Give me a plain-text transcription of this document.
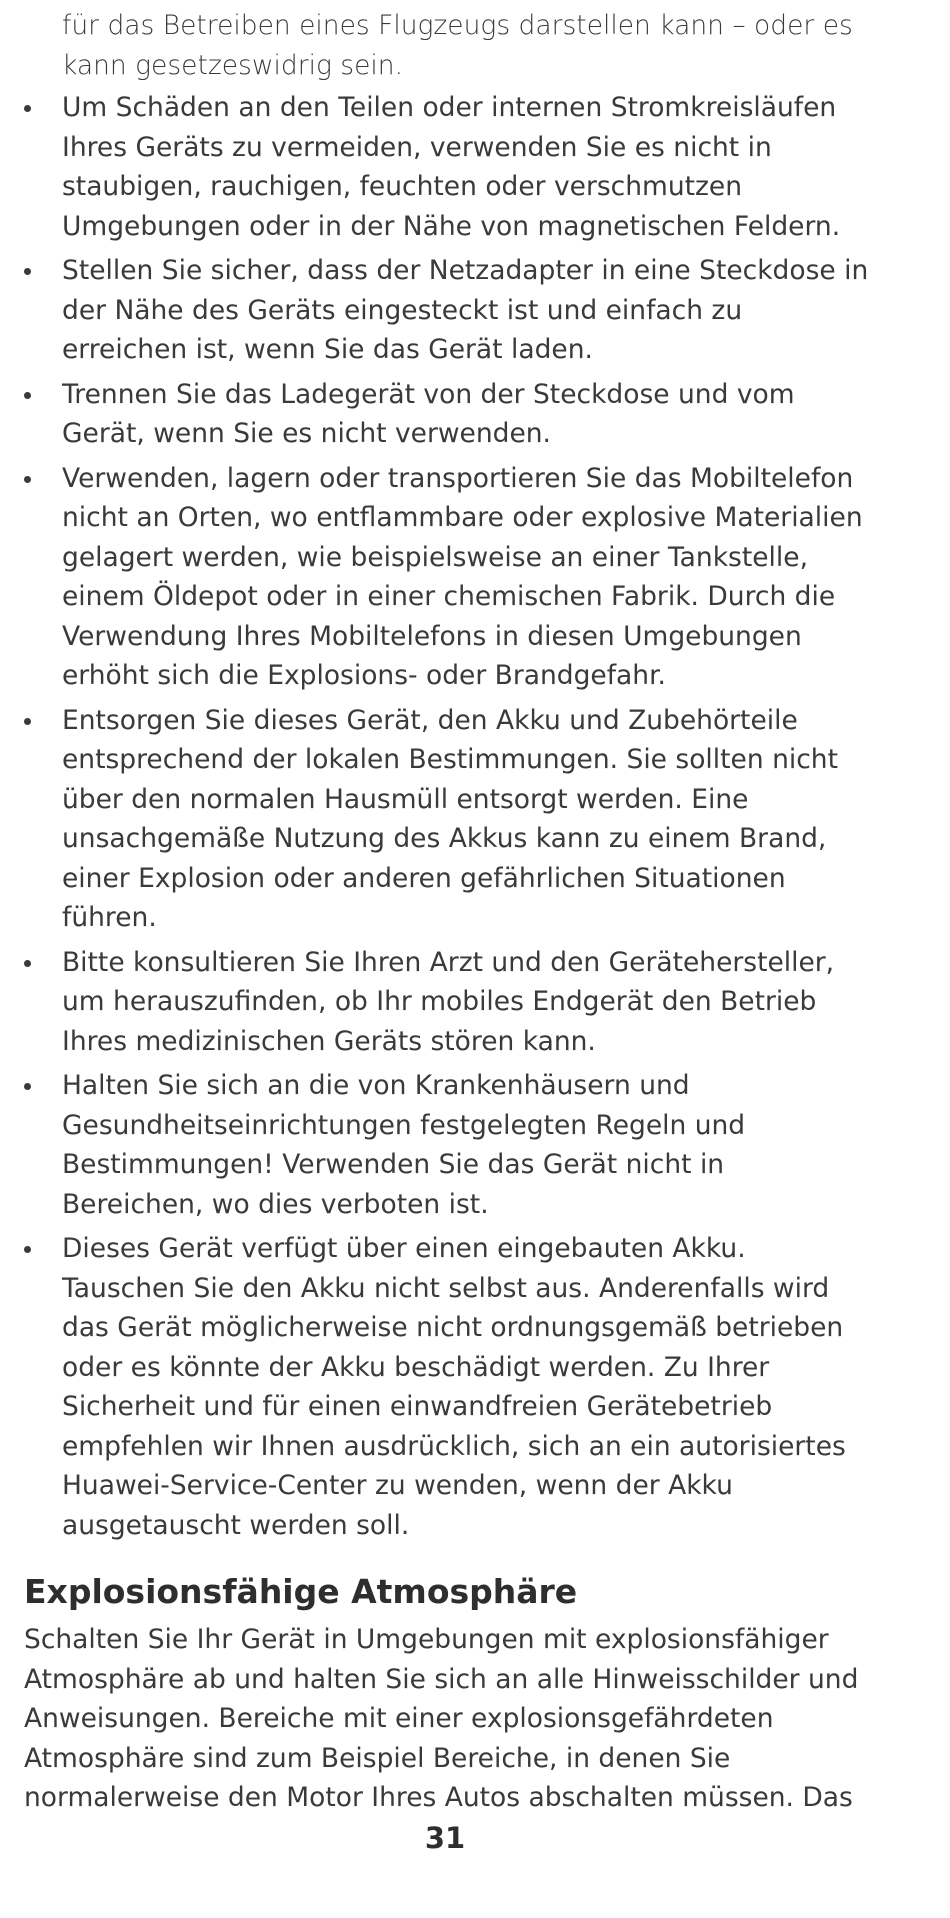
für das Betreiben eines Flugzeugs darstellen kann – oder es kann gesetzeswidrig sein.

Um Schäden an den Teilen oder internen Stromkreisläufen Ihres Geräts zu vermeiden, verwenden Sie es nicht in staubigen, rauchigen, feuchten oder verschmutzen Umgebungen oder in der Nähe von magnetischen Feldern.
Stellen Sie sicher, dass der Netzadapter in eine Steckdose in der Nähe des Geräts eingesteckt ist und einfach zu erreichen ist, wenn Sie das Gerät laden.
Trennen Sie das Ladegerät von der Steckdose und vom Gerät, wenn Sie es nicht verwenden.
Verwenden, lagern oder transportieren Sie das Mobiltelefon nicht an Orten, wo entflammbare oder explosive Materialien gelagert werden, wie beispielsweise an einer Tankstelle, einem Öldepot oder in einer chemischen Fabrik. Durch die Verwendung Ihres Mobiltelefons in diesen Umgebungen erhöht sich die Explosions- oder Brandgefahr.
Entsorgen Sie dieses Gerät, den Akku und Zubehörteile entsprechend der lokalen Bestimmungen. Sie sollten nicht über den normalen Hausmüll entsorgt werden. Eine unsachgemäße Nutzung des Akkus kann zu einem Brand, einer Explosion oder anderen gefährlichen Situationen führen.
Bitte konsultieren Sie Ihren Arzt und den Gerätehersteller, um herauszufinden, ob Ihr mobiles Endgerät den Betrieb Ihres medizinischen Geräts stören kann.
Halten Sie sich an die von Krankenhäusern und Gesundheitseinrichtungen festgelegten Regeln und Bestimmungen! Verwenden Sie das Gerät nicht in Bereichen, wo dies verboten ist.
Dieses Gerät verfügt über einen eingebauten Akku. Tauschen Sie den Akku nicht selbst aus. Anderenfalls wird das Gerät möglicherweise nicht ordnungsgemäß betrieben oder es könnte der Akku beschädigt werden. Zu Ihrer Sicherheit und für einen einwandfreien Gerätebetrieb empfehlen wir Ihnen ausdrücklich, sich an ein autorisiertes Huawei-Service-Center zu wenden, wenn der Akku ausgetauscht werden soll.
Explosionsfähige Atmosphäre

Schalten Sie Ihr Gerät in Umgebungen mit explosionsfähiger Atmosphäre ab und halten Sie sich an alle Hinweisschilder und Anweisungen. Bereiche mit einer explosionsgefährdeten Atmosphäre sind zum Beispiel Bereiche, in denen Sie normalerweise den Motor Ihres Autos abschalten müssen. Das

31
